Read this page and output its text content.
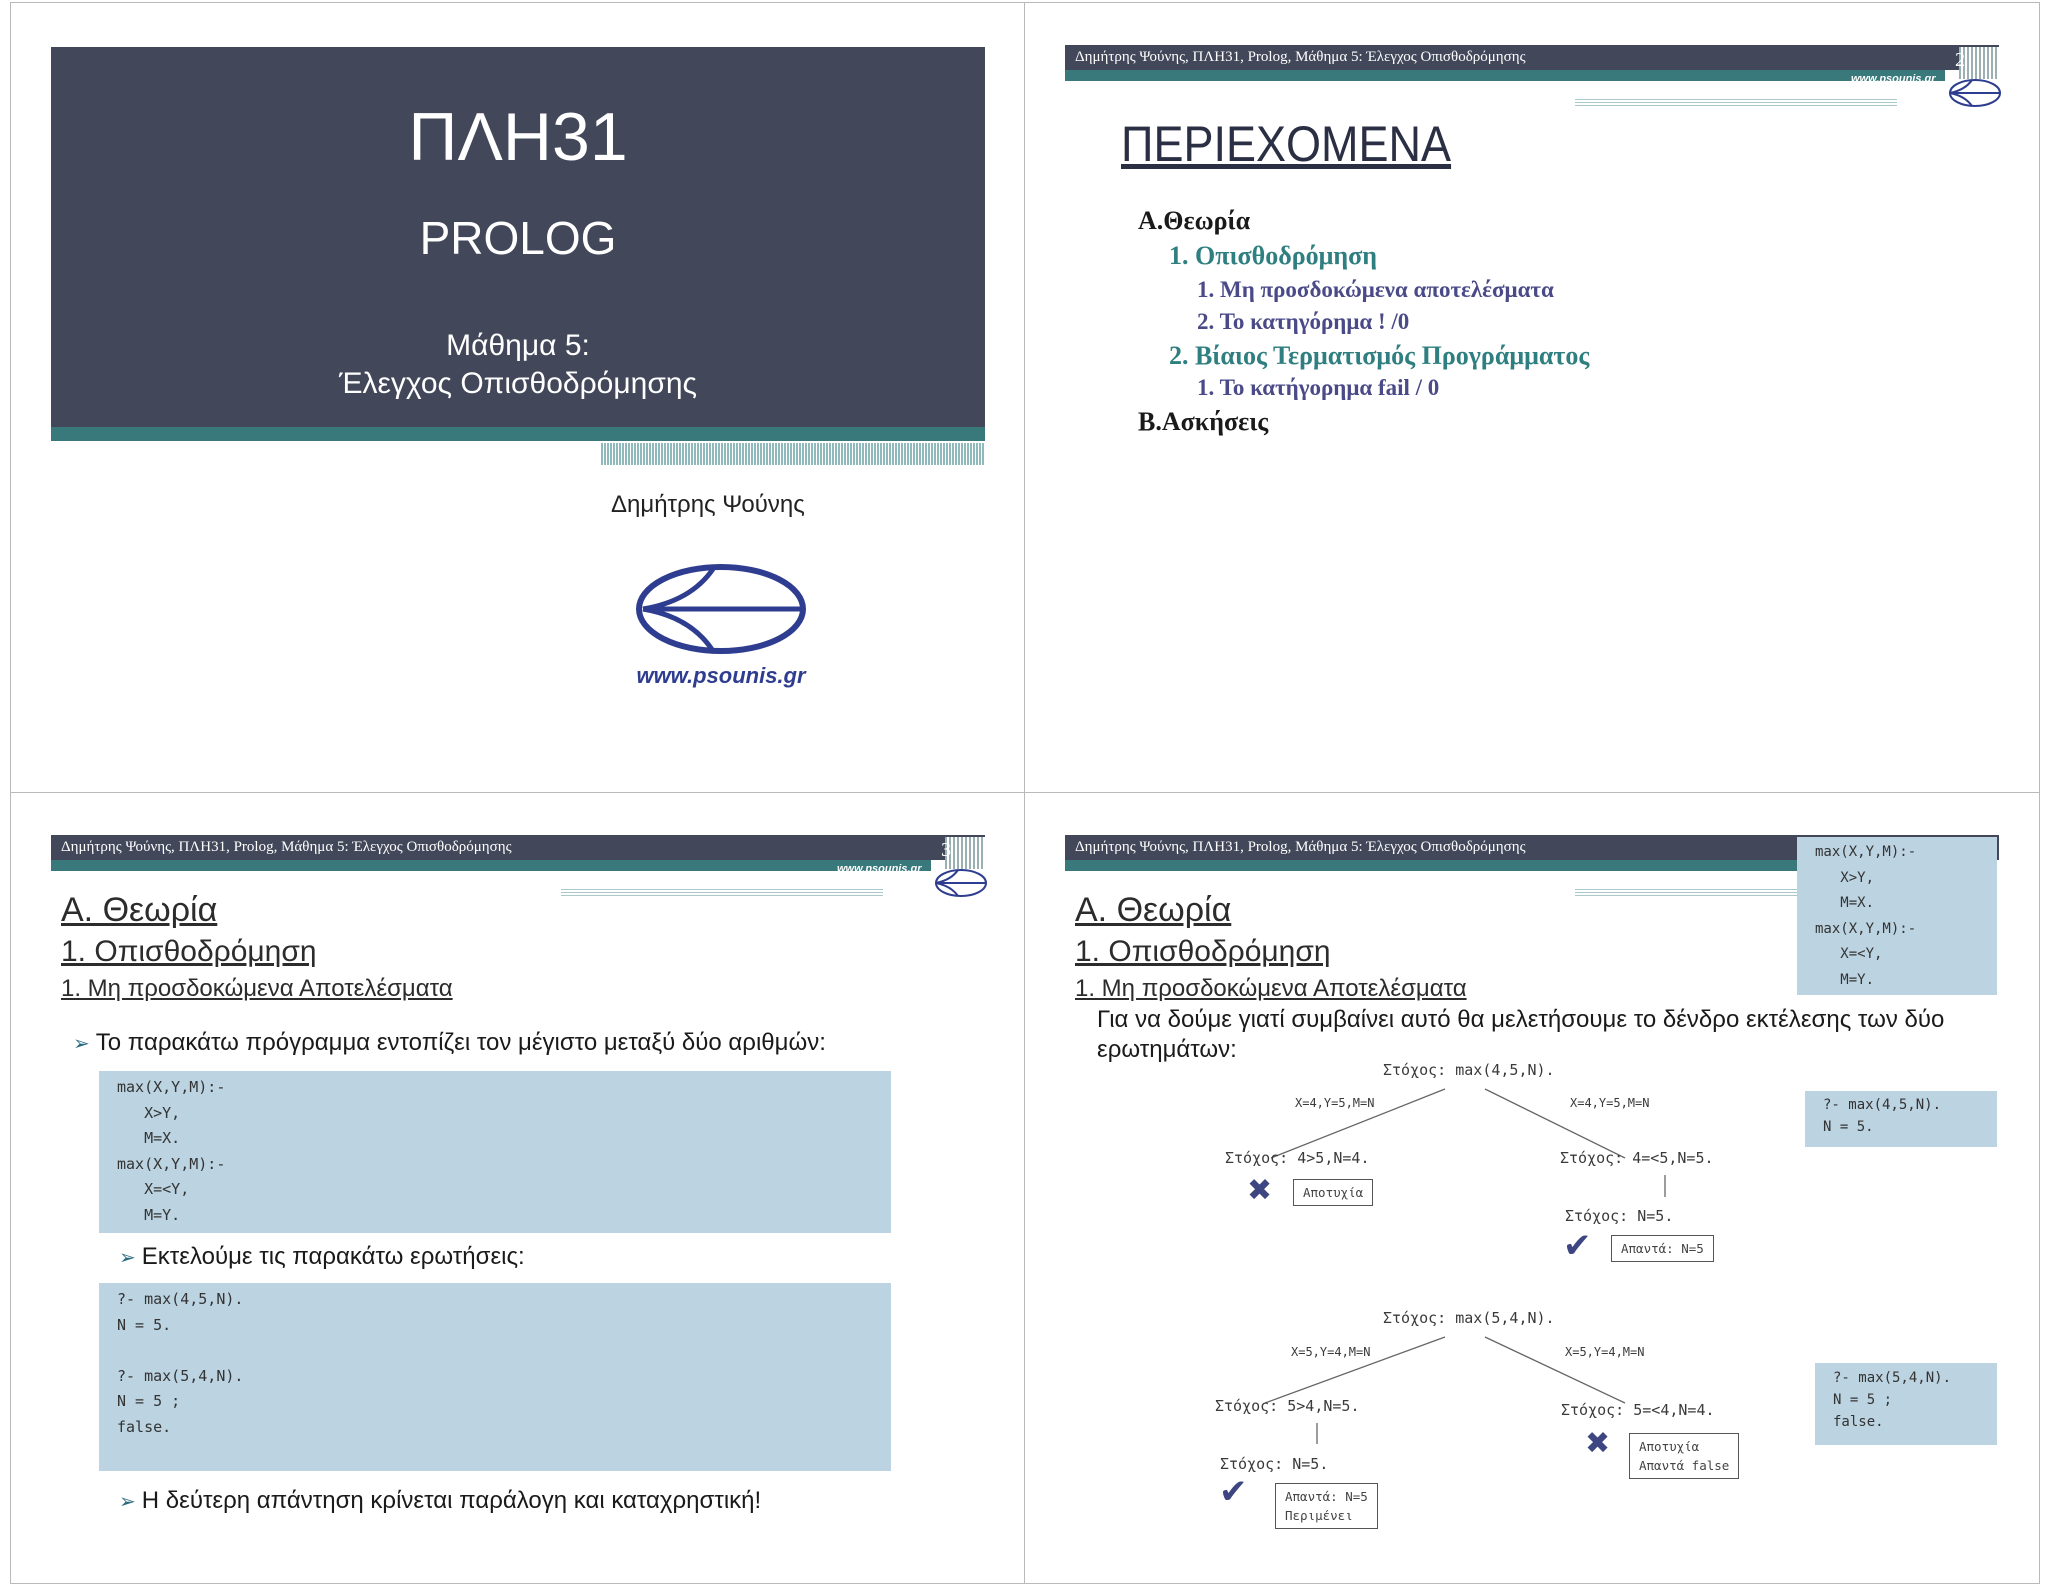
ΠΛΗ31
PROLOG
Μάθημα 5:
Έλεγχος Οπισθοδρόμησης
Δημήτρης Ψούνης
www.psounis.gr
Δημήτρης Ψούνης, ΠΛΗ31, Prolog, Μάθημα 5: Έλεγχος Οπισθοδρόμησης	2
www.psounis.gr
ΠΕΡΙΕΧΟΜΕΝΑ
Α.Θεωρία
1. Οπισθοδρόμηση
1. Μη προσδοκώμενα αποτελέσματα
2. Το κατηγόρημα ! /0
2. Βίαιος Τερματισμός Προγράμματος
1. Το κατήγορημα fail / 0
Β.Ασκήσεις
Δημήτρης Ψούνης, ΠΛΗ31, Prolog, Μάθημα 5: Έλεγχος Οπισθοδρόμησης	3
www.psounis.gr
Α. Θεωρία
1. Οπισθοδρόμηση
1. Μη προσδοκώμενα Αποτελέσματα
➢ Το παρακάτω πρόγραμμα εντοπίζει τον μέγιστο μεταξύ δύο αριθμών:
max(X,Y,M):-
X>Y,
M=X.
max(X,Y,M):-
X=<Y,
M=Y.
➢ Εκτελούμε τις παρακάτω ερωτήσεις:
?- max(4,5,N).
N = 5.

?- max(5,4,N).
N = 5 ;
false.
➢ Η δεύτερη απάντηση κρίνεται παράλογη και καταχρηστική!
Δημήτρης Ψούνης, ΠΛΗ31, Prolog, Μάθημα 5: Έλεγχος Οπισθοδρόμησης	max(X,Y,M):-
X>Y,
M=X.
max(X,Y,M):-
X=<Y,
M=Y.
Α. Θεωρία
1. Οπισθοδρόμηση
1. Μη προσδοκώμενα Αποτελέσματα
Για να δούμε γιατί συμβαίνει αυτό θα μελετήσουμε το δένδρο εκτέλεσης των δύο ερωτημάτων:
Στόχος: max(4,5,N).
X=4,Y=5,M=N	X=4,Y=5,M=N
Στόχος: 4>5,N=4.	Στόχος: 4=<5,N=5.
✖	Αποτυχία
Στόχος: N=5.
✔	Απαντά: N=5
?- max(4,5,N).
N = 5.
Στόχος: max(5,4,N).
X=5,Y=4,M=N	X=5,Y=4,M=N
Στόχος: 5>4,N=5.	Στόχος: 5=<4,N=4.
Στόχος: N=5.
✔	Απαντά: N=5
Περιμένει
✖	Αποτυχία
Απαντά false
?- max(5,4,N).
N = 5 ;
false.
